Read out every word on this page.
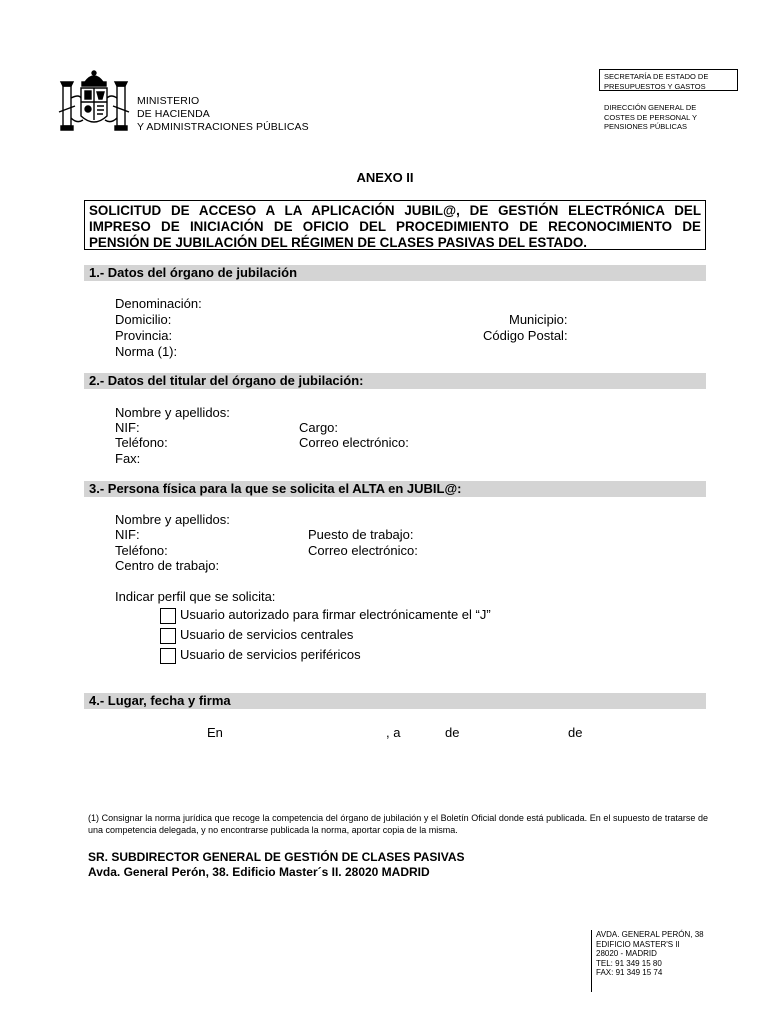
MINISTERIO
DE HACIENDA
Y ADMINISTRACIONES PÚBLICAS
SECRETARÍA DE ESTADO DE
PRESUPUESTOS Y GASTOS
DIRECCIÓN GENERAL DE
COSTES DE PERSONAL Y
PENSIONES PÚBLICAS
ANEXO II
SOLICITUD DE ACCESO A LA APLICACIÓN JUBIL@, DE GESTIÓN ELECTRÓNICA DEL
IMPRESO DE INICIACIÓN DE OFICIO DEL PROCEDIMIENTO DE RECONOCIMIENTO DE
PENSIÓN DE JUBILACIÓN DEL RÉGIMEN DE CLASES PASIVAS DEL ESTADO.
1.- Datos del órgano de jubilación
Denominación:
Domicilio:	Municipio:
Provincia:	Código Postal:
Norma (1):
2.- Datos del titular del órgano de jubilación:
Nombre y apellidos:
NIF:	Cargo:
Teléfono:	Correo electrónico:
Fax:
3.- Persona física para la que se solicita el ALTA en JUBIL@:
Nombre y apellidos:
NIF:	Puesto de trabajo:
Teléfono:	Correo electrónico:
Centro de trabajo:
Indicar perfil que se solicita:
Usuario autorizado para firmar electrónicamente el “J”
Usuario de servicios centrales
Usuario de servicios periféricos
4.- Lugar, fecha y firma
En	, a	de	de
(1) Consignar la norma jurídica que recoge la competencia del órgano de jubilación y el Boletín Oficial donde está publicada. En el supuesto de tratarse de una competencia delegada, y no encontrarse publicada la norma, aportar copia de la misma.
SR. SUBDIRECTOR GENERAL DE GESTIÓN DE CLASES PASIVAS
Avda. General Perón, 38. Edificio Master´s II. 28020 MADRID
AVDA. GENERAL PERÓN, 38
EDIFICIO MASTER'S II
28020 - MADRID
TEL: 91 349 15 80
FAX: 91 349 15 74
